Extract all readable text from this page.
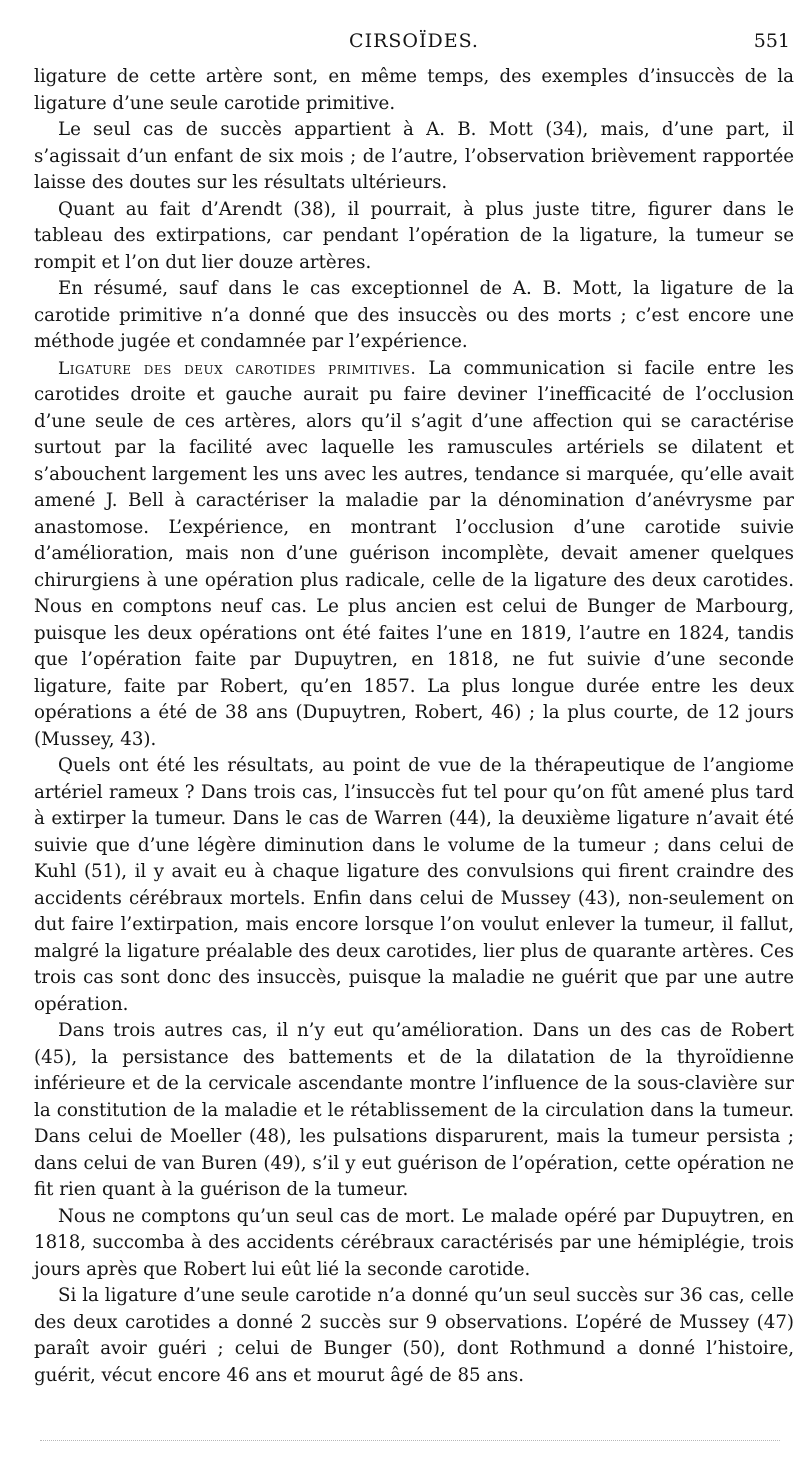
CIRSOÏDES.	551

ligature de cette artère sont, en même temps, des exemples d’insuccès de la ligature d’une seule carotide primitive.

Le seul cas de succès appartient à A. B. Mott (34), mais, d’une part, il s’agissait d’un enfant de six mois ; de l’autre, l’observation brièvement rapportée laisse des doutes sur les résultats ultérieurs.

Quant au fait d’Arendt (38), il pourrait, à plus juste titre, figurer dans le tableau des extirpations, car pendant l’opération de la ligature, la tumeur se rompit et l’on dut lier douze artères.

En résumé, sauf dans le cas exceptionnel de A. B. Mott, la ligature de la carotide primitive n’a donné que des insuccès ou des morts ; c’est encore une méthode jugée et condamnée par l’expérience.

Ligature des deux carotides primitives. La communication si facile entre les carotides droite et gauche aurait pu faire deviner l’inefficacité de l’occlusion d’une seule de ces artères, alors qu’il s’agit d’une affection qui se caractérise surtout par la facilité avec laquelle les ramuscules artériels se dilatent et s’abouchent largement les uns avec les autres, tendance si marquée, qu’elle avait amené J. Bell à caractériser la maladie par la dénomination d’anévrysme par anastomose. L’expérience, en montrant l’occlusion d’une carotide suivie d’amélioration, mais non d’une guérison incomplète, devait amener quelques chirurgiens à une opération plus radicale, celle de la ligature des deux carotides. Nous en comptons neuf cas. Le plus ancien est celui de Bunger de Marbourg, puisque les deux opérations ont été faites l’une en 1819, l’autre en 1824, tandis que l’opération faite par Dupuytren, en 1818, ne fut suivie d’une seconde ligature, faite par Robert, qu’en 1857. La plus longue durée entre les deux opérations a été de 38 ans (Dupuytren, Robert, 46) ; la plus courte, de 12 jours (Mussey, 43).

Quels ont été les résultats, au point de vue de la thérapeutique de l’angiome artériel rameux ? Dans trois cas, l’insuccès fut tel pour qu’on fût amené plus tard à extirper la tumeur. Dans le cas de Warren (44), la deuxième ligature n’avait été suivie que d’une légère diminution dans le volume de la tumeur ; dans celui de Kuhl (51), il y avait eu à chaque ligature des convulsions qui firent craindre des accidents cérébraux mortels. Enfin dans celui de Mussey (43), non-seulement on dut faire l’extirpation, mais encore lorsque l’on voulut enlever la tumeur, il fallut, malgré la ligature préalable des deux carotides, lier plus de quarante artères. Ces trois cas sont donc des insuccès, puisque la maladie ne guérit que par une autre opération.

Dans trois autres cas, il n’y eut qu’amélioration. Dans un des cas de Robert (45), la persistance des battements et de la dilatation de la thyroïdienne inférieure et de la cervicale ascendante montre l’influence de la sous-clavière sur la constitution de la maladie et le rétablissement de la circulation dans la tumeur. Dans celui de Moeller (48), les pulsations disparurent, mais la tumeur persista ; dans celui de van Buren (49), s’il y eut guérison de l’opération, cette opération ne fit rien quant à la guérison de la tumeur.

Nous ne comptons qu’un seul cas de mort. Le malade opéré par Dupuytren, en 1818, succomba à des accidents cérébraux caractérisés par une hémiplégie, trois jours après que Robert lui eût lié la seconde carotide.

Si la ligature d’une seule carotide n’a donné qu’un seul succès sur 36 cas, celle des deux carotides a donné 2 succès sur 9 observations. L’opéré de Mussey (47) paraît avoir guéri ; celui de Bunger (50), dont Rothmund a donné l’histoire, guérit, vécut encore 46 ans et mourut âgé de 85 ans.
